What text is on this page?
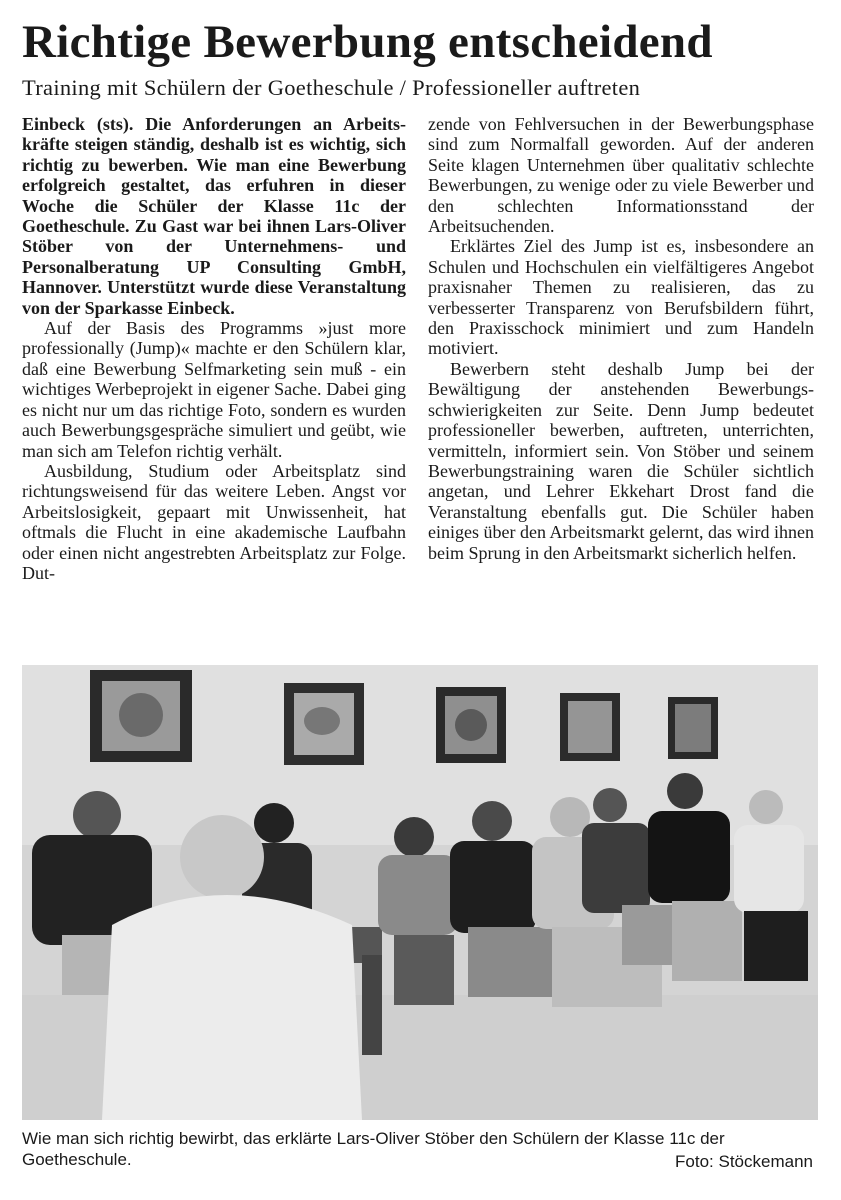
Richtige Bewerbung entscheidend
Training mit Schülern der Goetheschule / Professioneller auftreten

Einbeck (sts). Die Anforderungen an Arbeitskräfte steigen ständig, deshalb ist es wichtig, sich richtig zu bewerben. Wie man eine Bewerbung erfolgreich gestaltet, das erfuhren in dieser Woche die Schüler der Klasse 11c der Goetheschule. Zu Gast war bei ihnen Lars-Oliver Stöber von der Unternehmens- und Personalberatung UP Consulting GmbH, Hannover. Unterstützt wurde diese Veranstaltung von der Sparkasse Einbeck.

Auf der Basis des Programms »just more professionally (Jump)« machte er den Schülern klar, daß eine Bewerbung Selfmarketing sein muß - ein wichtiges Werbeprojekt in eigener Sache. Dabei ging es nicht nur um das richtige Foto, sondern es wurden auch Bewerbungsgespräche simuliert und geübt, wie man sich am Telefon richtig verhält.

Ausbildung, Studium oder Arbeitsplatz sind richtungsweisend für das weitere Leben. Angst vor Arbeitslosigkeit, gepaart mit Unwissenheit, hat oftmals die Flucht in eine akademische Laufbahn oder einen nicht angestrebten Arbeitsplatz zur Folge. Dut-

zende von Fehlversuchen in der Bewerbungsphase sind zum Normalfall geworden. Auf der anderen Seite klagen Unternehmen über qualitativ schlechte Bewerbungen, zu wenige oder zu viele Bewerber und den schlechten Informationsstand der Arbeitsuchenden.

Erklärtes Ziel des Jump ist es, insbesondere an Schulen und Hochschulen ein vielfältigeres Angebot praxisnaher Themen zu realisieren, das zu verbesserter Transparenz von Berufsbildern führt, den Praxisschock minimiert und zum Handeln motiviert.

Bewerbern steht deshalb Jump bei der Bewältigung der anstehenden Bewerbungsschwierigkeiten zur Seite. Denn Jump bedeutet professioneller bewerben, auftreten, unterrichten, vermitteln, informiert sein. Von Stöber und seinem Bewerbungstraining waren die Schüler sichtlich angetan, und Lehrer Ekkehart Drost fand die Veranstaltung ebenfalls gut. Die Schüler haben einiges über den Arbeitsmarkt gelernt, das wird ihnen beim Sprung in den Arbeitsmarkt sicherlich helfen.

Wie man sich richtig bewirbt, das erklärte Lars-Oliver Stöber den Schülern der Klasse 11c der Goetheschule.	Foto: Stöckemann
